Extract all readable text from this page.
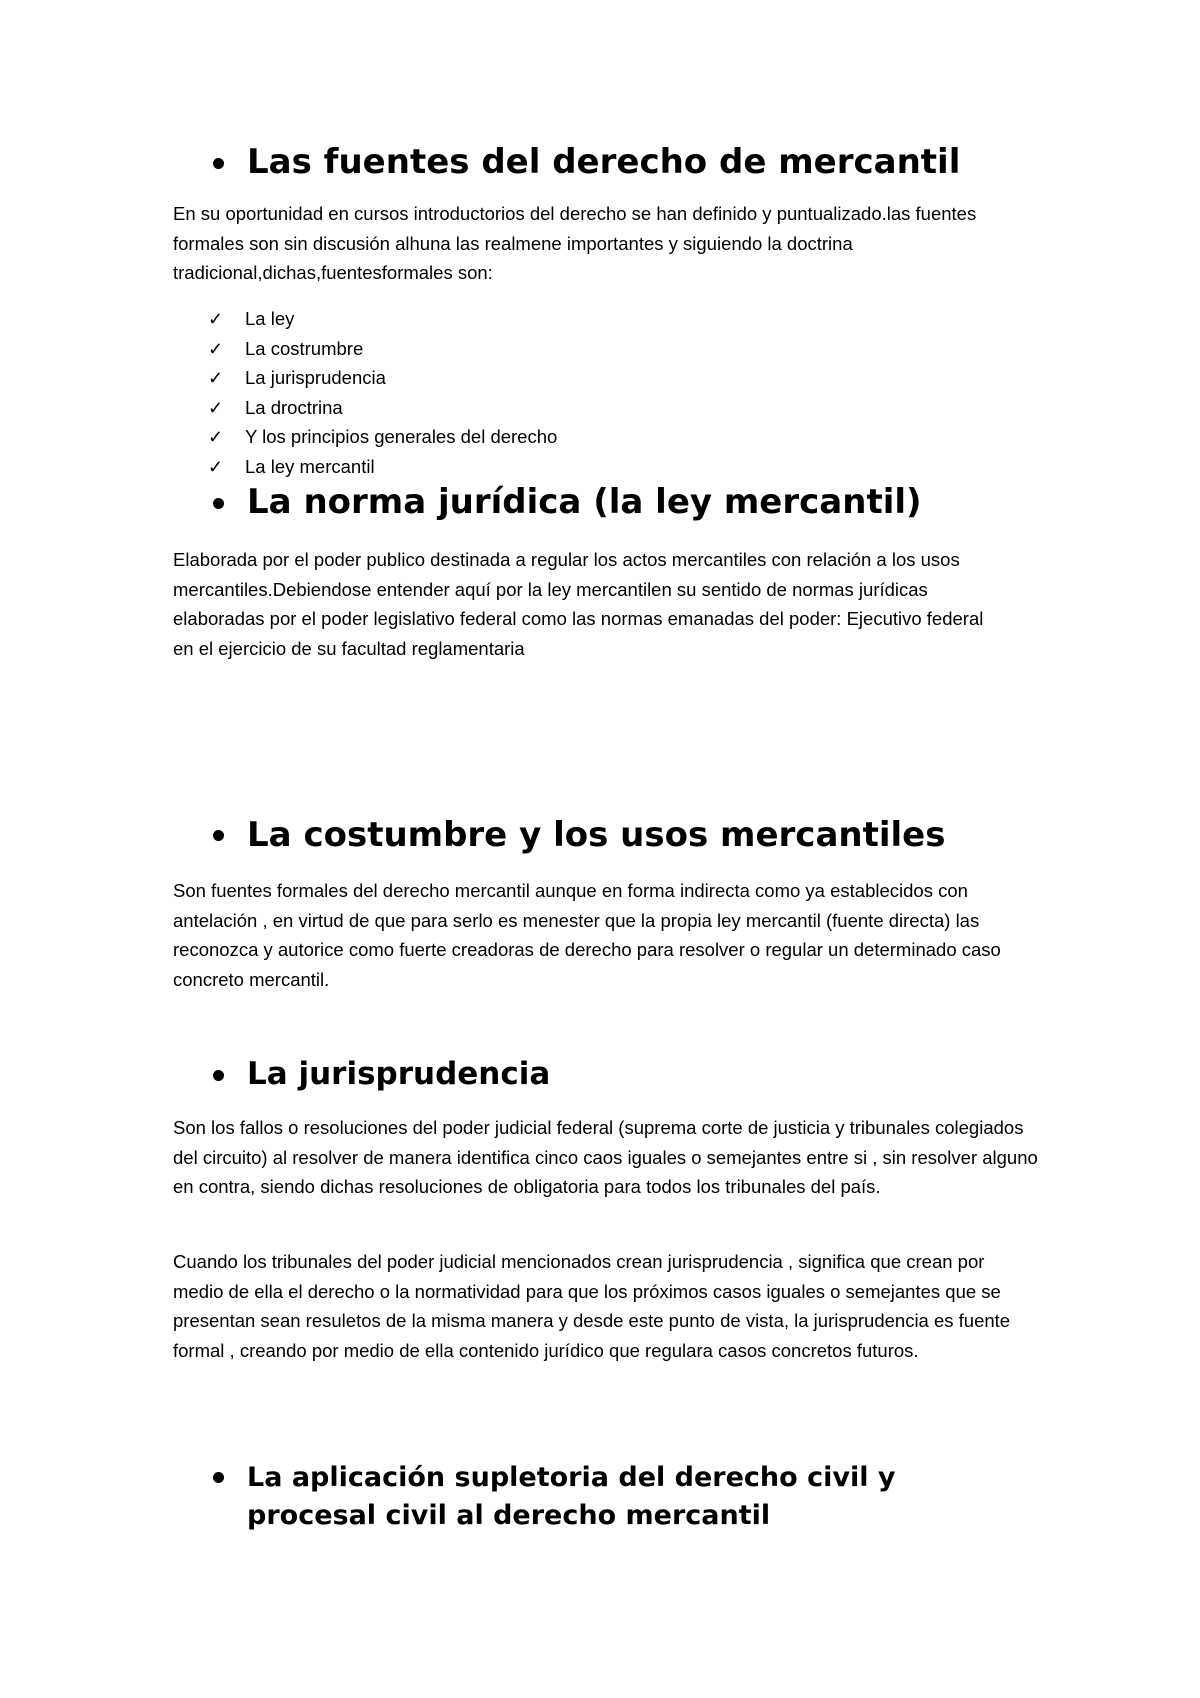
Las fuentes del derecho de mercantil

En su oportunidad en cursos introductorios del derecho se han definido y puntualizado.las fuentes formales son sin discusión alhuna las realmene importantes y siguiendo la doctrina tradicional,dichas,fuentesformales son:

✓ La ley
✓ La costrumbre
✓ La jurisprudencia
✓ La drоctrina
✓ Y los principios generales del derecho
✓ La ley mercantil
La norma jurídica (la ley mercantil)

Elaborada por el poder publico destinada a regular los actos mercantiles con relación a los usos mercantiles.Debiendose entender aquí por la ley mercantilen su sentido de normas jurídicas elaboradas por el poder legislativo federal como las normas emanadas del poder: Ejecutivo federal en el ejercicio de su facultad reglamentaria

La costumbre y los usos mercantiles

Son fuentes formales del derecho mercantil aunque en forma indirecta como ya establecidos con antelación , en virtud de que para serlo es menester que la propia ley mercantil (fuente directa) las reconozca y autorice como fuerte creadoras de derecho para resolver o regular un determinado caso concreto mercantil.

La jurisprudencia

Son los fallos o resoluciones del poder judicial federal (suprema corte de justicia y tribunales colegiados del circuito) al resolver de manera identifica cinco caos iguales o semejantes entre si , sin resolver alguno en contra, siendo dichas resoluciones de obligatoria para todos los tribunales del país.

Cuando los tribunales del poder judicial mencionados crean jurisprudencia , significa que crean por medio de ella el derecho o la normatividad para que los próximos casos iguales o semejantes que se presentan sean resuletos de la misma manera y desde este punto de vista, la jurisprudencia es fuente formal , creando por medio de ella contenido jurídico que regulara casos concretos futuros.

La aplicación supletoria del derecho civil y procesal civil al derecho mercantil
